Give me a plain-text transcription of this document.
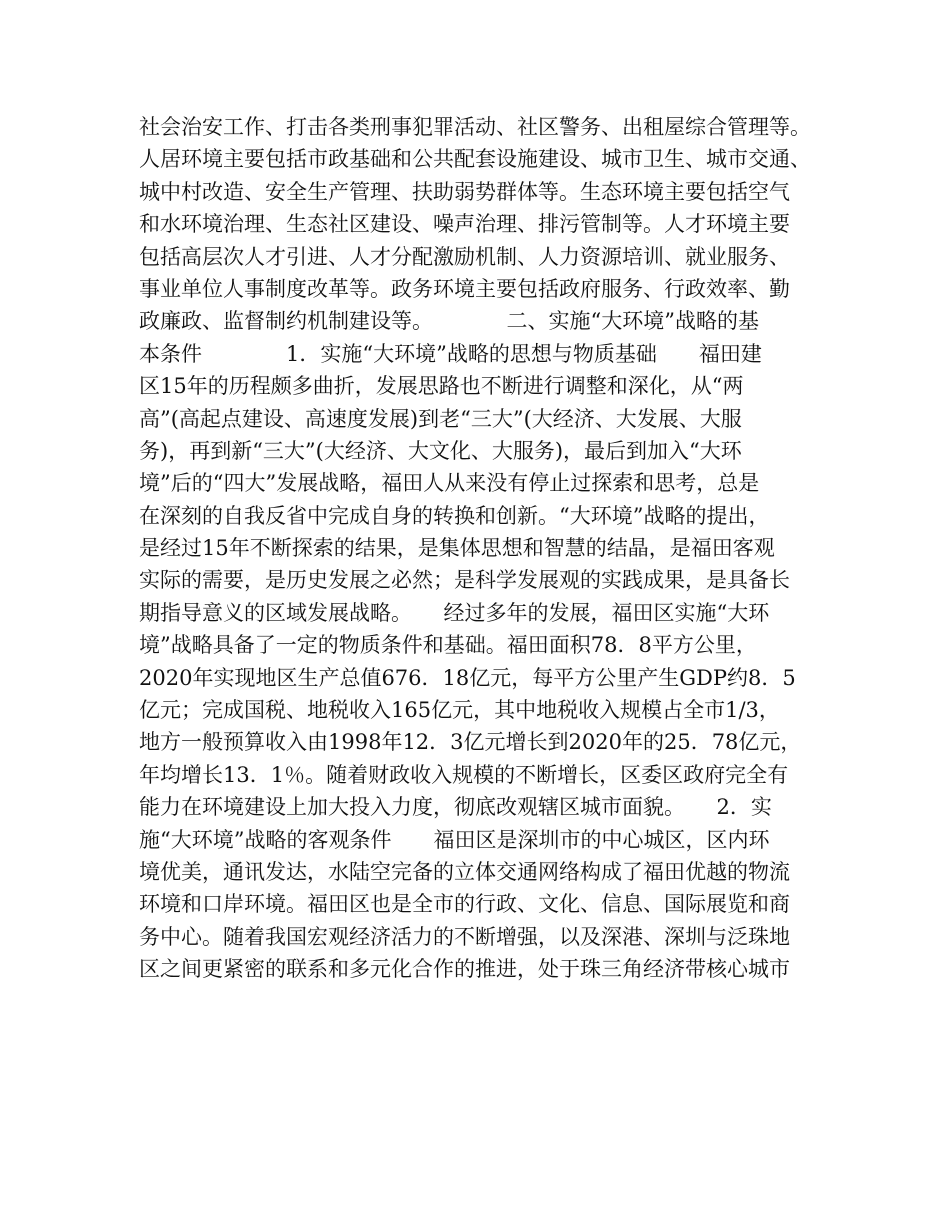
社会治安工作、打击各类刑事犯罪活动、社区警务、出租屋综合管理等。
人居环境主要包括市政基础和公共配套设施建设、城市卫生、城市交通、
城中村改造、安全生产管理、扶助弱势群体等。生态环境主要包括空气
和水环境治理、生态社区建设、噪声治理、排污管制等。人才环境主要
包括高层次人才引进、人才分配激励机制、人力资源培训、就业服务、
事业单位人事制度改革等。政务环境主要包括政府服务、行政效率、勤
政廉政、监督制约机制建设等。　　　　二、实施“大环境”战略的基
本条件　　　　1．实施“大环境”战略的思想与物质基础　　福田建
区15年的历程颇多曲折，发展思路也不断进行调整和深化，从“两
高”(高起点建设、高速度发展)到老“三大”(大经济、大发展、大服
务)，再到新“三大”(大经济、大文化、大服务)，最后到加入“大环
境”后的“四大”发展战略，福田人从来没有停止过探索和思考，总是
在深刻的自我反省中完成自身的转换和创新。“大环境”战略的提出，
是经过15年不断探索的结果，是集体思想和智慧的结晶，是福田客观
实际的需要，是历史发展之必然；是科学发展观的实践成果，是具备长
期指导意义的区域发展战略。　　经过多年的发展，福田区实施“大环
境”战略具备了一定的物质条件和基础。福田面积78．8平方公里，
2020年实现地区生产总值676．18亿元，每平方公里产生GDP约8．5
亿元；完成国税、地税收入165亿元，其中地税收入规模占全市1/3，
地方一般预算收入由1998年12．3亿元增长到2020年的25．78亿元，
年均增长13．1％。随着财政收入规模的不断增长，区委区政府完全有
能力在环境建设上加大投入力度，彻底改观辖区城市面貌。　　2．实
施“大环境”战略的客观条件　　福田区是深圳市的中心城区，区内环
境优美，通讯发达，水陆空完备的立体交通网络构成了福田优越的物流
环境和口岸环境。福田区也是全市的行政、文化、信息、国际展览和商
务中心。随着我国宏观经济活力的不断增强，以及深港、深圳与泛珠地
区之间更紧密的联系和多元化合作的推进，处于珠三角经济带核心城市
